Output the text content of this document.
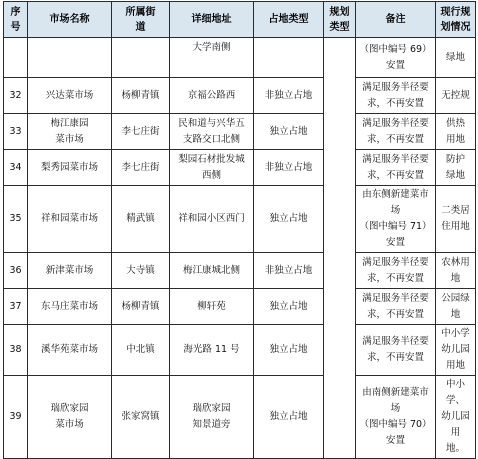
序
号	市场名称	所属街
道	详细地址	占地类型	规划
类型	备注	现行规
划情况
			大学南侧			（图中编号 69）
安置	绿地
32	兴达菜市场	杨柳青镇	京福公路西	非独立占地		满足服务半径要
求，不再安置	无控规
33	梅江康园
菜市场	李七庄街	民和道与兴华五
支路交口北侧	独立占地		满足服务半径要
求，不再安置	供热
用地
34	梨秀园菜市场	李七庄街	梨园石材批发城
西侧	非独立占地		满足服务半径要
求，不再安置	防护
绿地
35	祥和园菜市场	精武镇	祥和园小区西门	独立占地		由东侧新建菜市场
（图中编号 71）
安置	二类居
住用地
36	新津菜市场	大寺镇	梅江康城北侧	非独立占地		满足服务半径要
求，不再安置	农林用
地
37	东马庄菜市场	杨柳青镇	柳轩苑	独立占地		满足服务半径要
求，不再安置	公园绿
地
38	溪华苑菜市场	中北镇	海光路 11 号	独立占地		满足服务半径要
求，不再安置	中小学
幼儿园
用地
39	瑞欣家园
菜市场	张家窝镇	瑞欣家园
知景道旁	独立占地		由南侧新建菜市场
（图中编号 70）
安置	中小学、
幼儿园用
地。
